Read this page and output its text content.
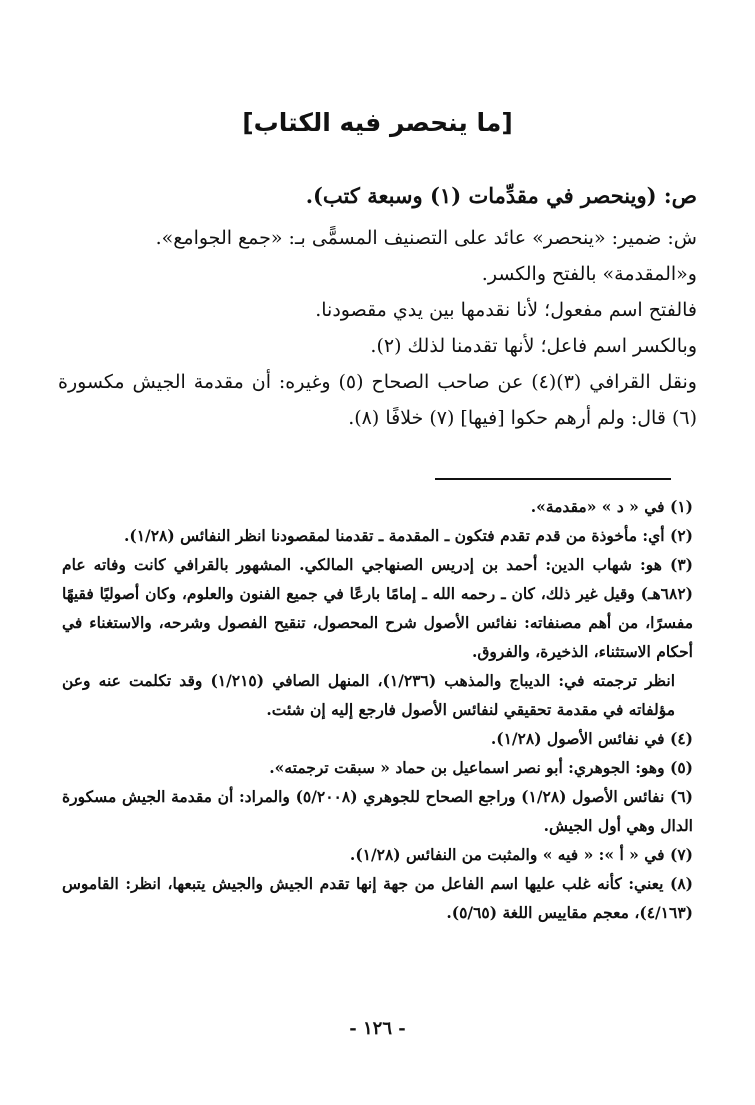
[ما ينحصر فيه الكتاب]

ص: (وينحصر في مقدِّمات (١) وسبعة كتب).

ش: ضمير: «ينحصر» عائد على التصنيف المسمًّى بـ: «جمع الجوامع».

و«المقدمة» بالفتح والكسر.

فالفتح اسم مفعول؛ لأنا نقدمها بين يدي مقصودنا.

وبالكسر اسم فاعل؛ لأنها تقدمنا لذلك (٢).

ونقل القرافي (٣)(٤) عن صاحب الصحاح (٥) وغيره: أن مقدمة الجيش مكسورة (٦) قال: ولم أرهم حكوا [فيها] (٧) خلافًا (٨).

(١) في « د » «مقدمة».

(٢) أي: مأخوذة من قدم تقدم فتكون ـ المقدمة ـ تقدمنا لمقصودنا انظر النفائس (١/٢٨).

(٣) هو: شهاب الدين: أحمد بن إدريس الصنهاجي المالكي. المشهور بالقرافي كانت وفاته عام (٦٨٢هـ) وقيل غير ذلك، كان ـ رحمه الله ـ إمامًا بارعًا في جميع الفنون والعلوم، وكان أصوليًا فقيهًا مفسرًا، من أهم مصنفاته: نفائس الأصول شرح المحصول، تنقيح الفصول وشرحه، والاستغناء في أحكام الاستثناء، الذخيرة، والفروق.

انظر ترجمته في: الديباج والمذهب (١/٢٣٦)، المنهل الصافي (١/٢١٥) وقد تكلمت عنه وعن مؤلفاته في مقدمة تحقيقي لنفائس الأصول فارجع إليه إن شئت.

(٤) في نفائس الأصول (١/٢٨).

(٥) وهو: الجوهري: أبو نصر اسماعيل بن حماد « سبقت ترجمته».

(٦) نفائس الأصول (١/٢٨) وراجع الصحاح للجوهري (٥/٢٠٠٨) والمراد: أن مقدمة الجيش مسكورة الدال وهي أول الجيش.

(٧) في « أ »: « فيه » والمثبت من النفائس (١/٢٨).

(٨) يعني: كأنه غلب عليها اسم الفاعل من جهة إنها تقدم الجيش والجيش يتبعها، انظر: القاموس (٤/١٦٣)، معجم مقاييس اللغة (٥/٦٥).

- ١٢٦ -
